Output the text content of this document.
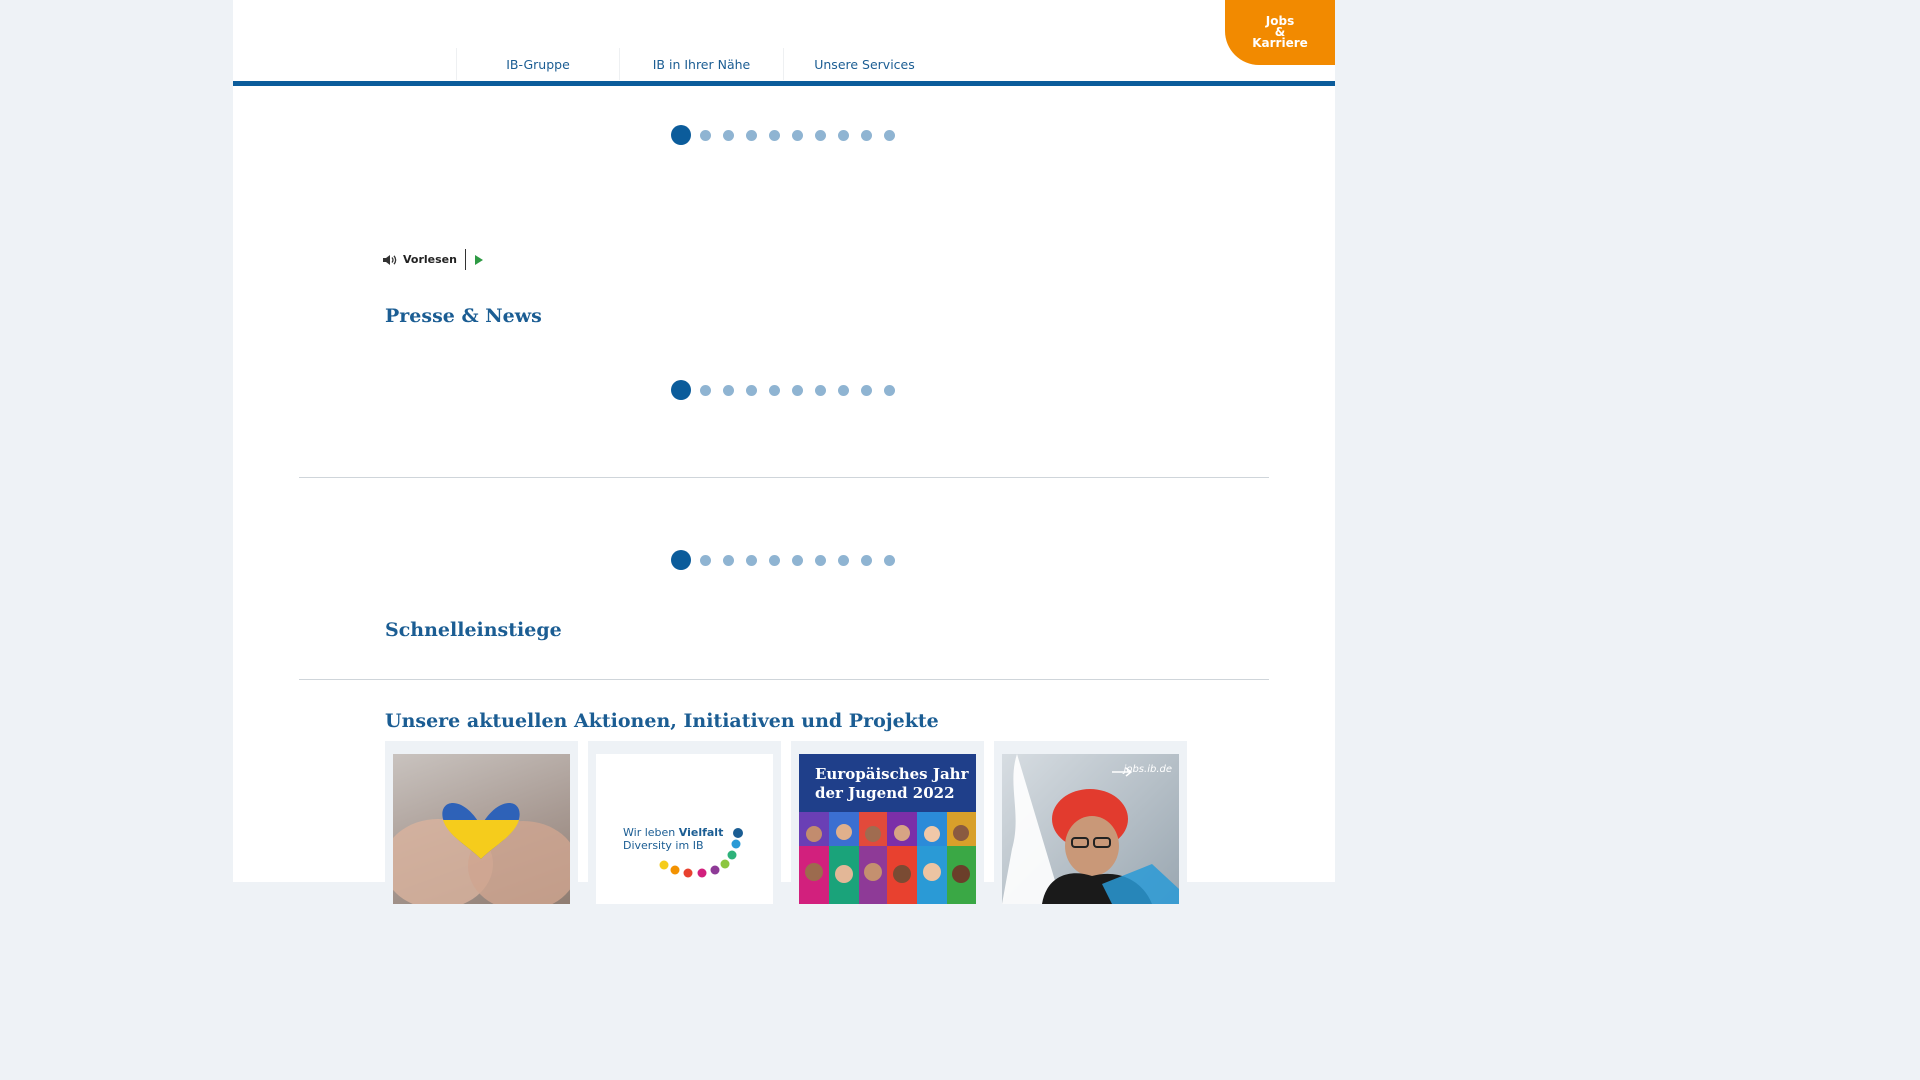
IB-Gruppe	IB in Ihrer Nähe	Unsere Services
Jobs
&
Karriere
Vorlesen
Presse & News
Schnelleinstiege
Unsere aktuellen Aktionen, Initiativen und Projekte
Wir leben Vielfalt
Diversity im IB
Europäisches Jahr
der Jugend 2022
jobs.ib.de
